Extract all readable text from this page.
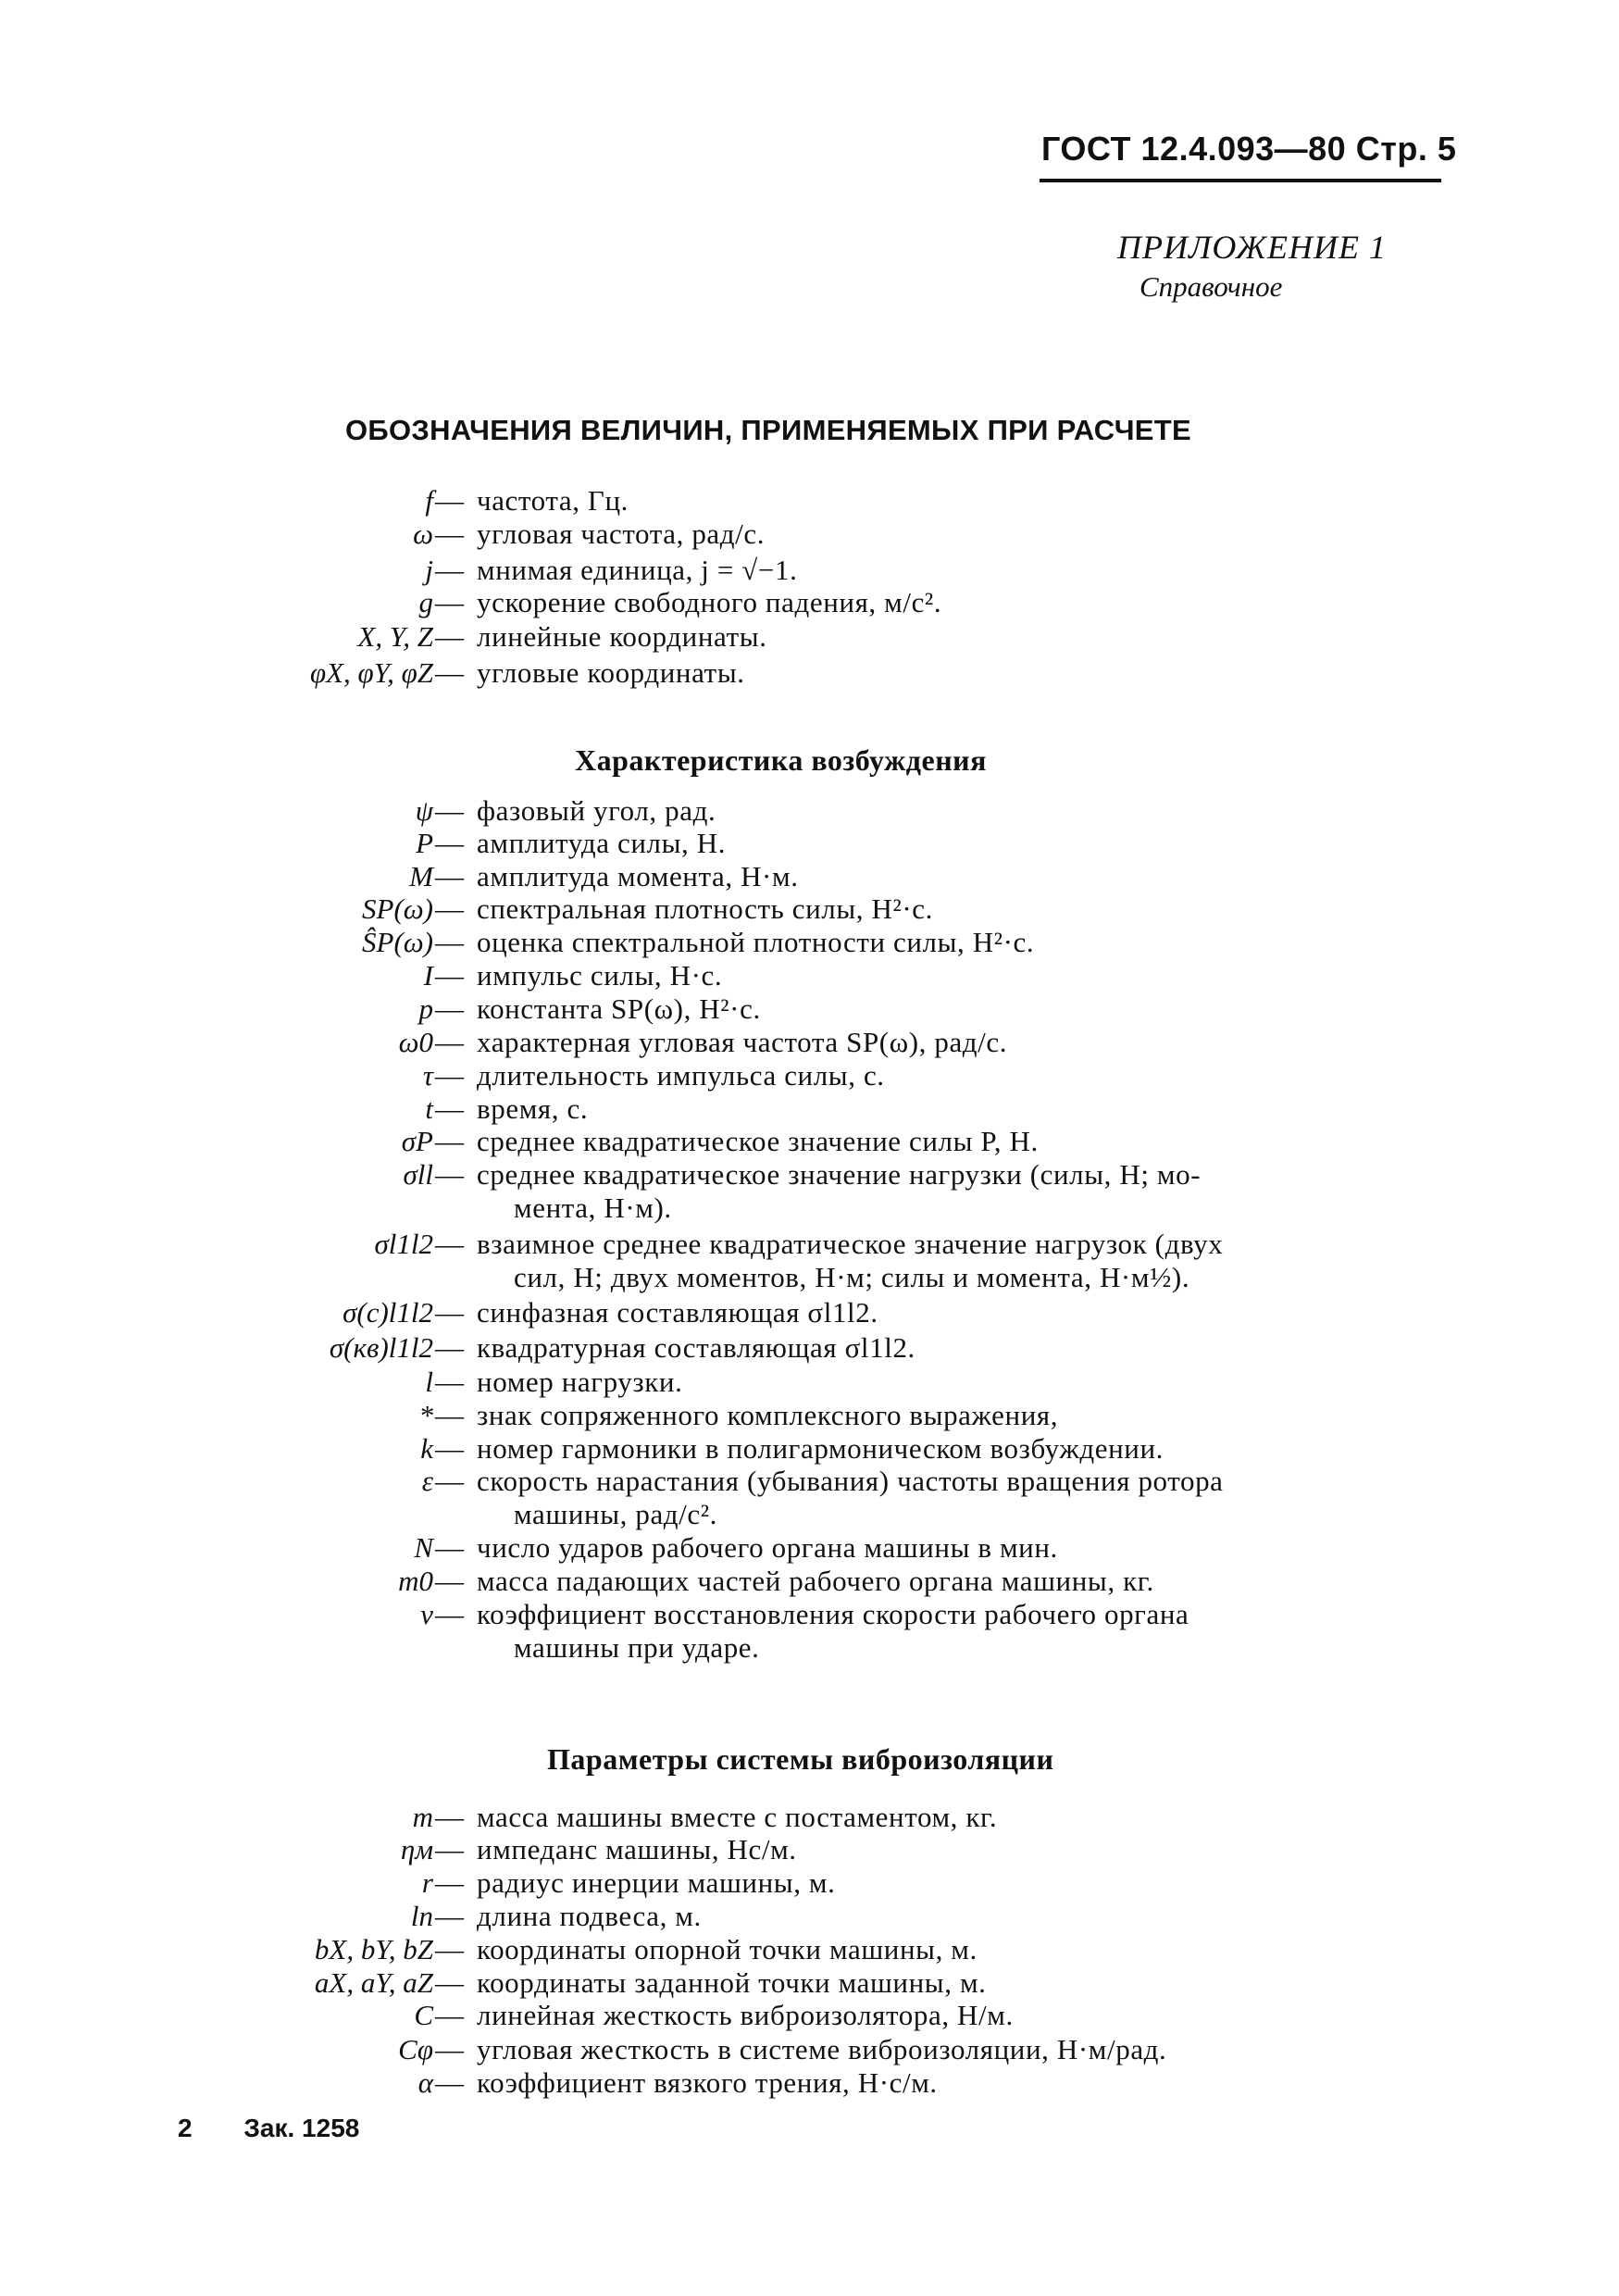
ГОСТ 12.4.093—80 Стр. 5
ПРИЛОЖЕНИЕ 1
Справочное
ОБОЗНАЧЕНИЯ ВЕЛИЧИН, ПРИМЕНЯЕМЫХ ПРИ РАСЧЕТЕ
f — частота, Гц.
ω — угловая частота, рад/с.
j — мнимая единица, j = √−1.
g — ускорение свободного падения, м/с².
X, Y, Z — линейные координаты.
φX, φY, φZ — угловые координаты.
Характеристика возбуждения
ψ — фазовый угол, рад.
P — амплитуда силы, Н.
M — амплитуда момента, Н·м.
SP(ω) — спектральная плотность силы, Н²·с.
ŜP(ω) — оценка спектральной плотности силы, Н²·с.
I — импульс силы, Н·с.
p — константа SP(ω), Н²·с.
ω0 — характерная угловая частота SP(ω), рад/с.
τ — длительность импульса силы, с.
t — время, с.
σP — среднее квадратическое значение силы P, Н.
σll — среднее квадратическое значение нагрузки (силы, Н; мо-
мента, Н·м).
σl1l2 — взаимное среднее квадратическое значение нагрузок (двух
сил, Н; двух моментов, Н·м; силы и момента, Н·м½).
σ(с)l1l2 — синфазная составляющая σl1l2.
σ(кв)l1l2 — квадратурная составляющая σl1l2.
l — номер нагрузки.
* — знак сопряженного комплексного выражения,
k — номер гармоники в полигармоническом возбуждении.
ε — скорость нарастания (убывания) частоты вращения ротора
машины, рад/с².
N — число ударов рабочего органа машины в мин.
m0 — масса падающих частей рабочего органа машины, кг.
ν — коэффициент восстановления скорости рабочего органа
машины при ударе.
Параметры системы виброизоляции
m — масса машины вместе с постаментом, кг.
ηм — импеданс машины, Нс/м.
r — радиус инерции машины, м.
lп — длина подвеса, м.
bX, bY, bZ — координаты опорной точки машины, м.
aX, aY, aZ — координаты заданной точки машины, м.
C — линейная жесткость виброизолятора, Н/м.
Cφ — угловая жесткость в системе виброизоляции, Н·м/рад.
α — коэффициент вязкого трения, Н·с/м.
2 Зак. 1258
